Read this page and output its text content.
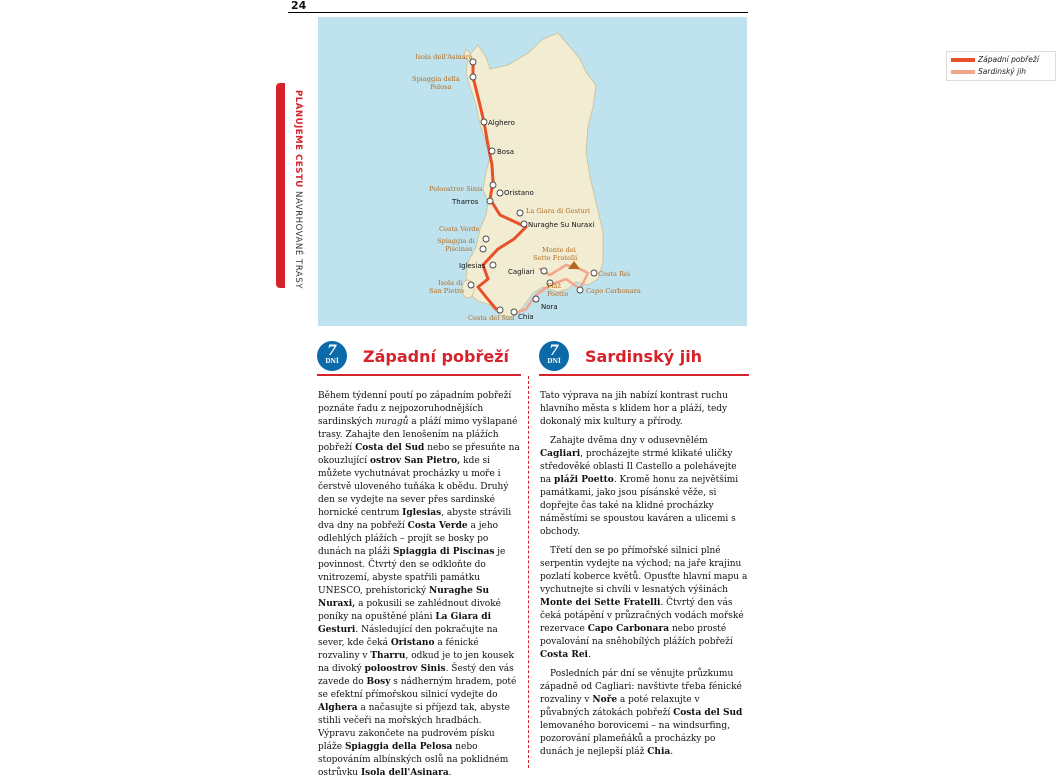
24
PLÁNUJEME CESTU NAVRHOVANÉ TRASY
Isola dell'Asinara
Spiaggia della
Pelosa
Alghero
Bosa
Poloostrov Sinis	Oristano
Tharros
La Giara di Gesturi
Nuraghe Su Nuraxi
Costa Verde
Spiaggia di
Piscinas
Iglesias
Monte dei
Sette Fratelli
Cagliari	Costa Rei
Pláž
Poetto	Capo Carbonara
Isola di
San Pietro
Nora
Chia
Costa del Sud
Západní pobřeží
Sardinský jih
7
DNÍ	Západní pobřeží	7
DNÍ	Sardinský jih

Během týdenní poutí po západním pobřeží poznáte řadu z nejpozoruhodnějších sardinských nuragů a pláží mimo vyšlapané trasy. Zahajte den lenošením na plážích pobřeží Costa del Sud nebo se přesuňte na okouzlující ostrov San Pietro, kde si můžete vychutnávat procházky u moře i čerstvě uloveného tuňáka k obědu. Druhý den se vydejte na sever přes sardinské hornické centrum Iglesias, abyste strávili dva dny na pobřeží Costa Verde a jeho odlehlých plážích – projít se bosky po dunách na pláži Spiaggia di Piscinas je povinnost. Čtvrtý den se odkloňte do vnitrozemí, abyste spatřili památku UNESCO, prehistorický Nuraghe Su Nuraxi, a pokusili se zahlédnout divoké poníky na opuštěné pláni La Giara di Gesturi. Následující den pokračujte na sever, kde čeká Oristano a fénické rozvaliny v Tharru, odkud je to jen kousek na divoký poloostrov Sinis. Šestý den vás zavede do Bosy s nádherným hradem, poté se efektní přímořskou silnicí vydejte do Alghera a načasujte si příjezd tak, abyste stihli večeři na mořských hradbách. Výpravu zakončete na pudrovém písku pláže Spiaggia della Pelosa nebo stopováním albínských oslů na poklidném ostrůvku Isola dell'Asinara.

Tato výprava na jih nabízí kontrast ruchu hlavního města s klidem hor a pláží, tedy dokonalý mix kultury a přírody.

Zahajte dvěma dny v odusevnělém Cagliari, procházejte strmé klikaté uličky středověké oblasti Il Castello a polehávejte na pláži Poetto. Kromě honu za největšími památkami, jako jsou písánské věže, si dopřejte čas také na klidné procházky náměstími se spoustou kaváren a ulicemi s obchody.

Třetí den se po přímořské silnici plné serpentin vydejte na východ; na jaře krajinu pozlatí koberce květů. Opusťte hlavní mapu a vychutnejte si chvíli v lesnatých výšinách Monte dei Sette Fratelli. Čtvrtý den vás čeká potápění v průzračných vodách mořské rezervace Capo Carbonara nebo prosté povalování na sněhobílých plážích pobřeží Costa Rei.

Posledních pár dní se věnujte průzkumu západně od Cagliari: navštivte třeba fénické rozvaliny v Noře a poté relaxujte v půvabných zátokách pobřeží Costa del Sud lemovaného borovicemi – na windsurfing, pozorování plameňáků a procházky po dunách je nejlepší pláž Chia.
